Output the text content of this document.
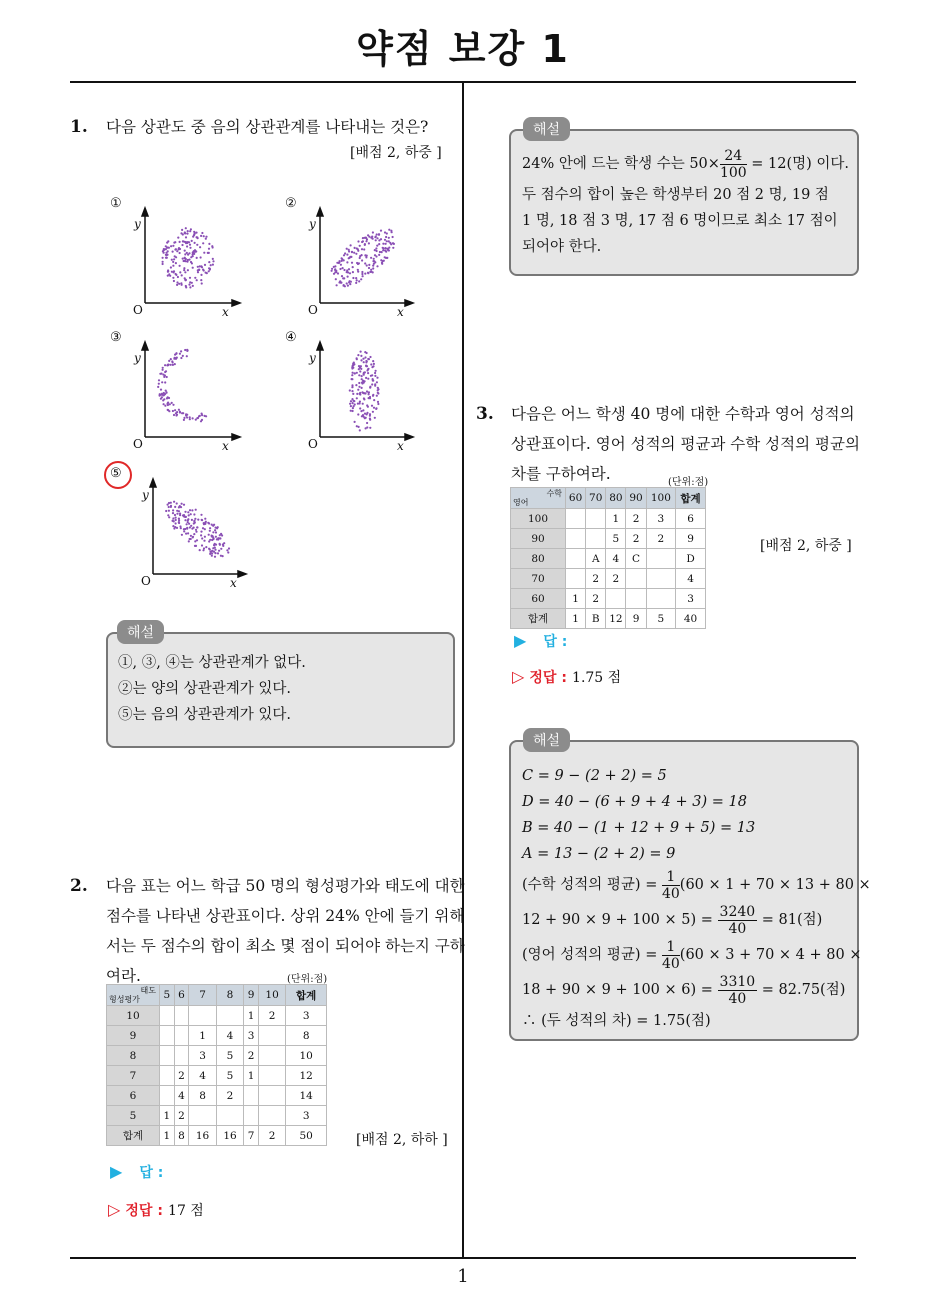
약점 보강 1
1
1. 다음 상관도 중 음의 상관관계를 나타내는 것은?
[배점 2, 하중 ]
①	②
③	④
⑤
y
x
y
x
y
x
y
x
y
x
O	O
O	O
O
해설
①, ③, ④는 상관관계가 없다.
②는 양의 상관관계가 있다.
⑤는 음의 상관관계가 있다.
2. 다음 표는 어느 학급 50 명의 형성평가와 태도에 대한
점수를 나타낸 상관표이다. 상위 24% 안에 들기 위해
서는 두 점수의 합이 최소 몇 점이 되어야 하는지 구하
여라.	(단위:점)
태도
형성평가	5	6	7	8	9	10	합계
10					1	2	3
9			1	4	3		8
8			3	5	2		10
7		2	4	5	1		12
6		4	8	2			14
5	1	2					3
합계	1	8	16	16	7	2	50	[배점 2, 하하 ]
▶ 답 :
▷ 정답 : 17 점
해설
24% 안에 드는 학생 수는 $50\times \frac{24}{100} = 12$(명) 이다.
두 점수의 합이 높은 학생부터 20 점 2 명, 19 점
1 명, 18 점 3 명, 17 점 6 명이므로 최소 17 점이
되어야 한다.
3. 다음은 어느 학생 40 명에 대한 수학과 영어 성적의
상관표이다. 영어 성적의 평균과 수학 성적의 평균의
차를 구하여라.	(단위:점)
수학
영어	60	70	80	90	100	합계
100			1	2	3	6
90			5	2	2	9
80		A	4	C		D
70		2	2			4
60	1	2				3
합계	1	B	12	9	5	40
[배점 2, 하중 ]
▶ 답 :
▷ 정답 : 1.75 점
해설
C = 9 − (2 + 2) = 5
D = 40 − (6 + 9 + 4 + 3) = 18
B = 40 − (1 + 12 + 9 + 5) = 13
A = 13 − (2 + 2) = 9
(수학 성적의 평균) = $\frac{1}{40} (60 \times 1 + 70 \times 13 + 80$ ×
$12 + 90 \times 9 + 100 \times 5) = \frac{3240}{40} = 81$(점)
(영어 성적의 평균) = $\frac{1}{40} (60 \times 3 + 70 \times 4 + 80$ ×
$18 + 90 \times 9 + 100 \times 6) = \frac{3310}{40} = 82.75$(점)
∴ (두 성적의 차) = 1.75(점)
